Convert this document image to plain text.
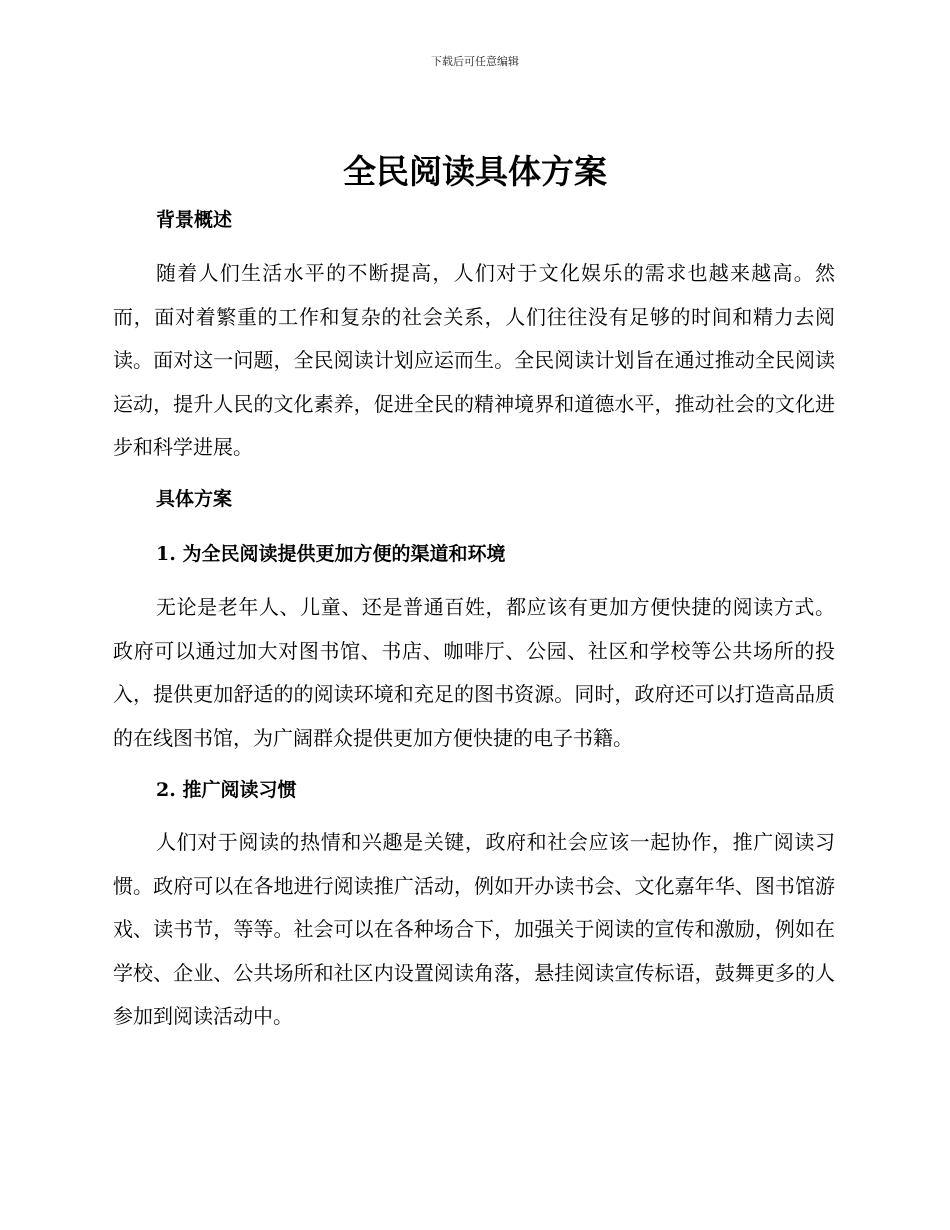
下载后可任意编辑
全民阅读具体方案
背景概述

随着人们生活水平的不断提高，人们对于文化娱乐的需求也越来越高。然而，面对着繁重的工作和复杂的社会关系，人们往往没有足够的时间和精力去阅读。面对这一问题，全民阅读计划应运而生。全民阅读计划旨在通过推动全民阅读运动，提升人民的文化素养，促进全民的精神境界和道德水平，推动社会的文化进步和科学进展。

具体方案
1. 为全民阅读提供更加方便的渠道和环境

无论是老年人、儿童、还是普通百姓，都应该有更加方便快捷的阅读方式。政府可以通过加大对图书馆、书店、咖啡厅、公园、社区和学校等公共场所的投入，提供更加舒适的的阅读环境和充足的图书资源。同时，政府还可以打造高品质的在线图书馆，为广阔群众提供更加方便快捷的电子书籍。

2. 推广阅读习惯

人们对于阅读的热情和兴趣是关键，政府和社会应该一起协作，推广阅读习惯。政府可以在各地进行阅读推广活动，例如开办读书会、文化嘉年华、图书馆游戏、读书节，等等。社会可以在各种场合下，加强关于阅读的宣传和激励，例如在学校、企业、公共场所和社区内设置阅读角落，悬挂阅读宣传标语，鼓舞更多的人参加到阅读活动中。
